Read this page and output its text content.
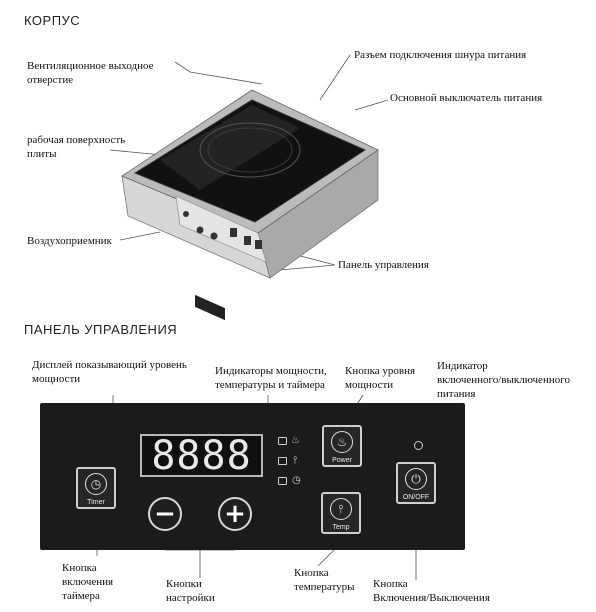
КОРПУС
ПАНЕЛЬ УПРАВЛЕНИЯ
Вентиляционное выходное
отверстие
рабочая поверхность
плиты
Воздухоприемник
Разъем подключения шнура питания
Основной выключатель питания
Панель управления
8888	♨
⫯
◷
♨
Power
◷
Timer	− +	⫯
Temp
⏻
ON/OFF
Дисплей показывающий уровень
мощности
Индикаторы мощности,
температуры и таймера
Кнопка уровня
мощности
Индикатор
включенного/выключенного
питания
Кнопка
включения
таймера
Кнопки
настройки
Кнопка
температуры	Кнопка
Включения/Выключения
